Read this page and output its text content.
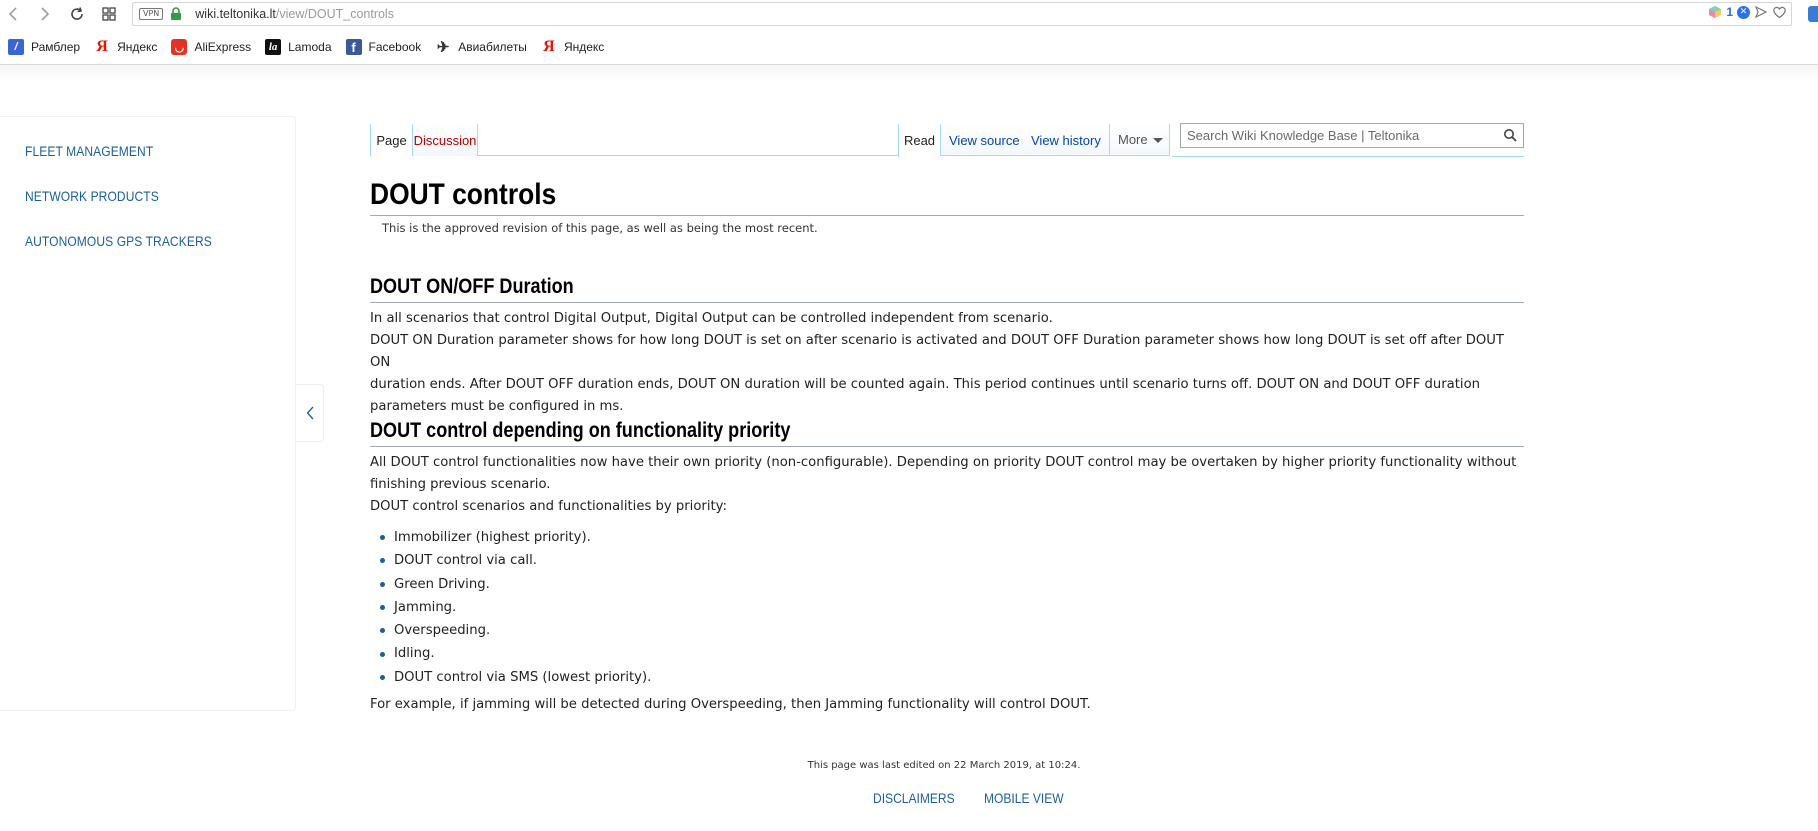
VPN	wiki.teltonika.lt /view/DOUT_controls	1 ✕
/	Рамблер Я Яндекс ◡ AliExpress	la Lamoda	f	Facebook ✈ Авиабилеты Я Яндекс
FLEET MANAGEMENT
NETWORK PRODUCTS
AUTONOMOUS GPS TRACKERS
Page Discussion	Read	View source View history More
Search Wiki Knowledge Base | Teltonika
DOUT controls
This is the approved revision of this page, as well as being the most recent.
DOUT ON/OFF Duration
In all scenarios that control Digital Output, Digital Output can be controlled independent from scenario.
DOUT ON Duration parameter shows for how long DOUT is set on after scenario is activated and DOUT OFF Duration parameter shows how long DOUT is set off after DOUT ON
duration ends. After DOUT OFF duration ends, DOUT ON duration will be counted again. This period continues until scenario turns off. DOUT ON and DOUT OFF duration
parameters must be configured in ms.
DOUT control depending on functionality priority
All DOUT control functionalities now have their own priority (non-configurable). Depending on priority DOUT control may be overtaken by higher priority functionality without
finishing previous scenario.
DOUT control scenarios and functionalities by priority:
Immobilizer (highest priority).
DOUT control via call.
Green Driving.
Jamming.
Overspeeding.
Idling.
DOUT control via SMS (lowest priority).
For example, if jamming will be detected during Overspeeding, then Jamming functionality will control DOUT.
This page was last edited on 22 March 2019, at 10:24.
DISCLAIMERS MOBILE VIEW
